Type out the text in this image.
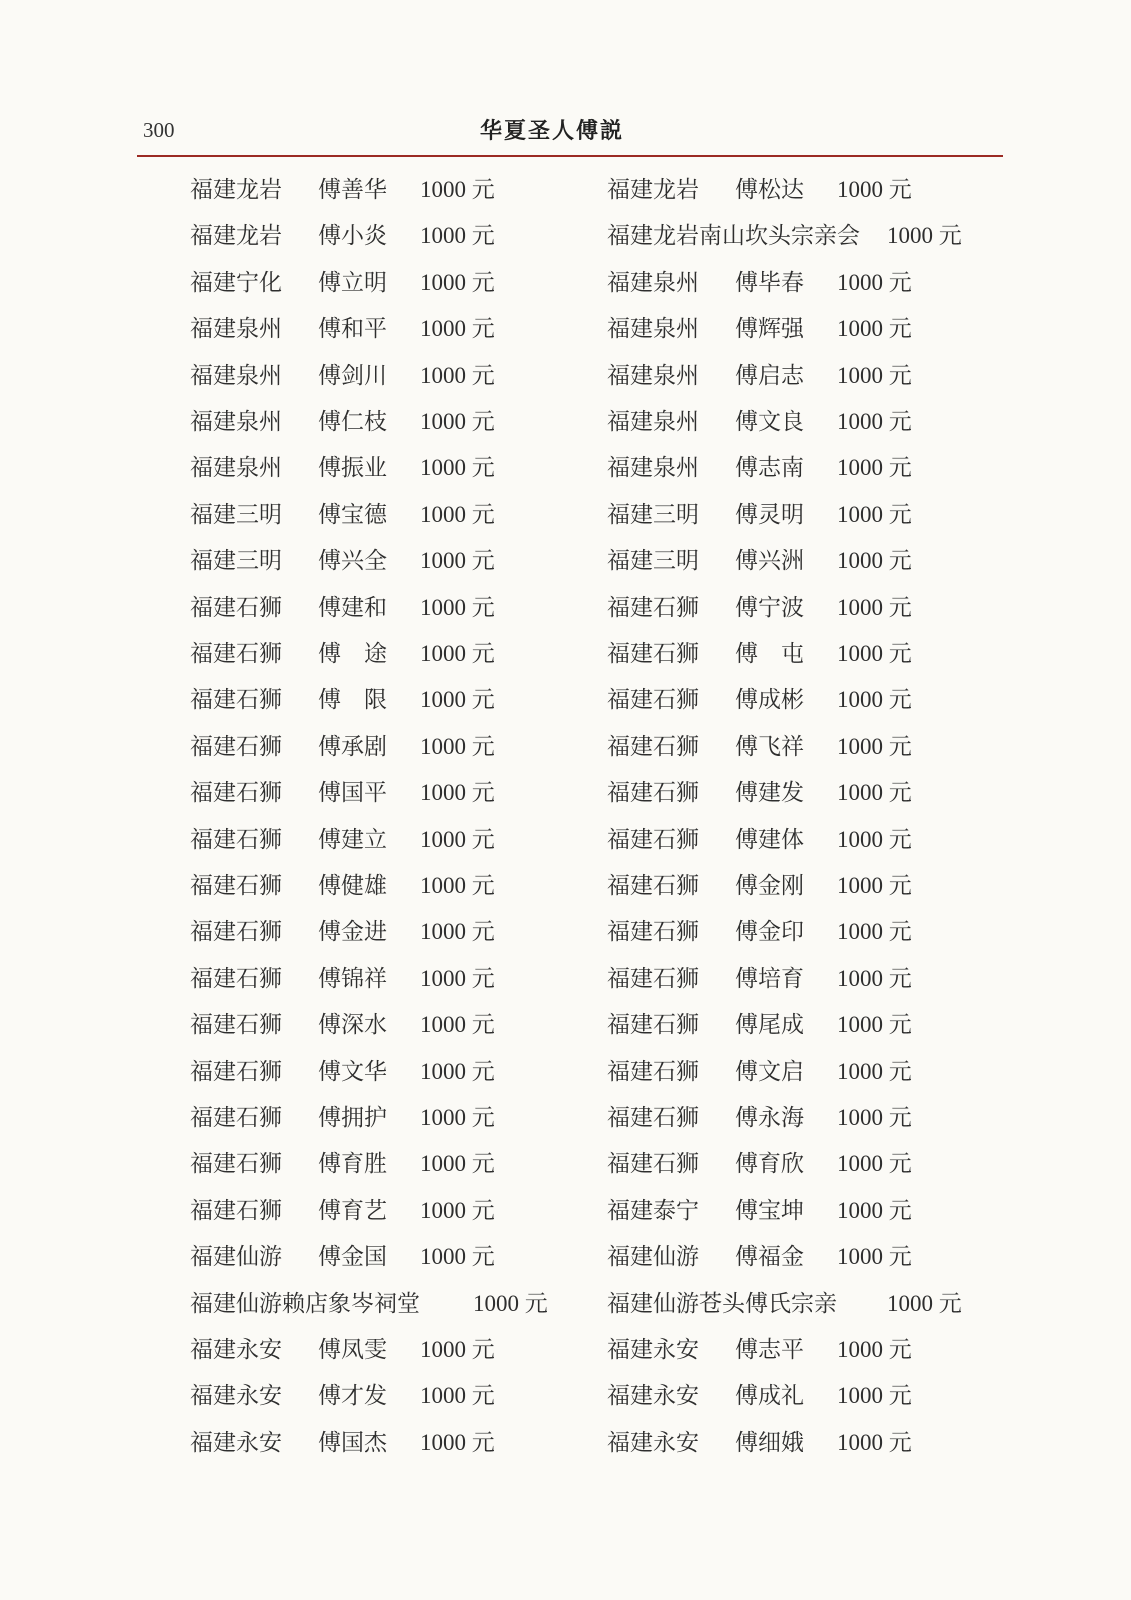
300	华夏圣人傅説
福建龙岩 傅善华 1000 元
福建龙岩 傅小炎 1000 元
福建宁化 傅立明 1000 元
福建泉州 傅和平 1000 元
福建泉州 傅剑川 1000 元
福建泉州 傅仁枝 1000 元
福建泉州 傅振业 1000 元
福建三明 傅宝德 1000 元
福建三明 傅兴全 1000 元
福建石狮 傅建和 1000 元
福建石狮 傅　途 1000 元
福建石狮 傅　限 1000 元
福建石狮 傅承剧 1000 元
福建石狮 傅国平 1000 元
福建石狮 傅建立 1000 元
福建石狮 傅健雄 1000 元
福建石狮 傅金进 1000 元
福建石狮 傅锦祥 1000 元
福建石狮 傅深水 1000 元
福建石狮 傅文华 1000 元
福建石狮 傅拥护 1000 元
福建石狮 傅育胜 1000 元
福建石狮 傅育艺 1000 元
福建仙游 傅金国 1000 元
福建仙游赖店象岑祠堂 1000 元
福建永安 傅凤雯 1000 元
福建永安 傅才发 1000 元
福建永安 傅国杰 1000 元
福建龙岩 傅松达 1000 元
福建龙岩南山坎头宗亲会 1000 元
福建泉州 傅毕春 1000 元
福建泉州 傅辉强 1000 元
福建泉州 傅启志 1000 元
福建泉州 傅文良 1000 元
福建泉州 傅志南 1000 元
福建三明 傅灵明 1000 元
福建三明 傅兴洲 1000 元
福建石狮 傅宁波 1000 元
福建石狮 傅　屯 1000 元
福建石狮 傅成彬 1000 元
福建石狮 傅飞祥 1000 元
福建石狮 傅建发 1000 元
福建石狮 傅建体 1000 元
福建石狮 傅金刚 1000 元
福建石狮 傅金印 1000 元
福建石狮 傅培育 1000 元
福建石狮 傅尾成 1000 元
福建石狮 傅文启 1000 元
福建石狮 傅永海 1000 元
福建石狮 傅育欣 1000 元
福建泰宁 傅宝坤 1000 元
福建仙游 傅福金 1000 元
福建仙游苍头傅氏宗亲 1000 元
福建永安 傅志平 1000 元
福建永安 傅成礼 1000 元
福建永安 傅细娥 1000 元
